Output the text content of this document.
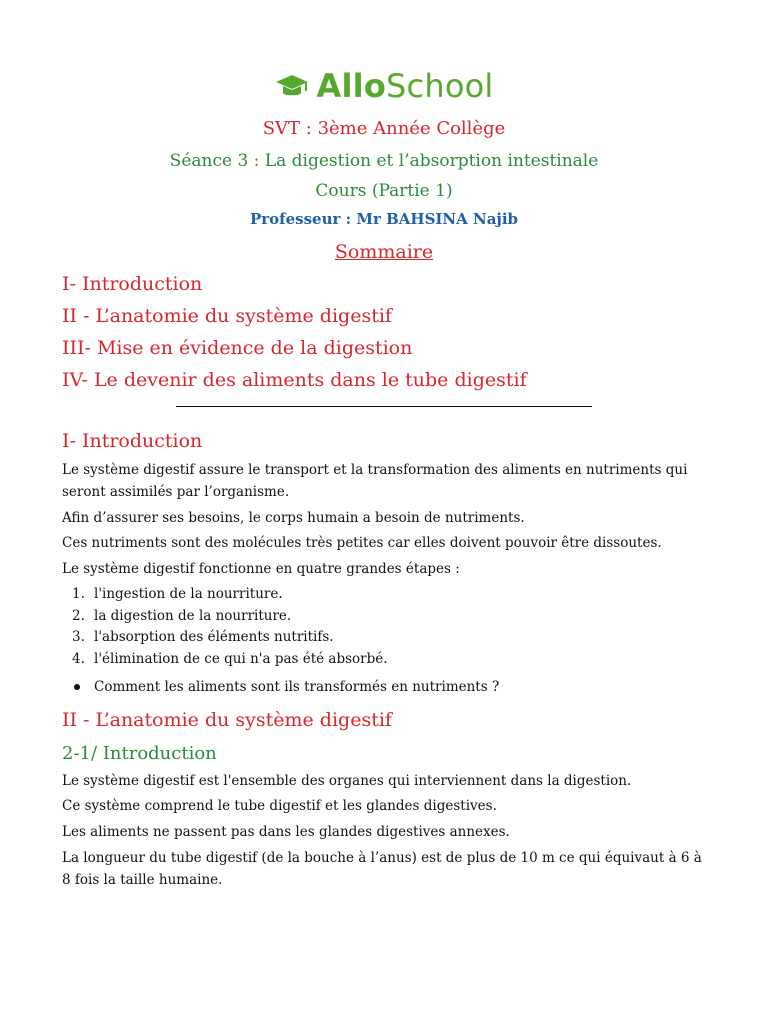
AlloSchool
SVT : 3ème Année Collège
Séance 3 : La digestion et l’absorption intestinale
Cours (Partie 1)
Professeur : Mr BAHSINA Najib
Sommaire
I- Introduction
II - L’anatomie du système digestif
III- Mise en évidence de la digestion
IV- Le devenir des aliments dans le tube digestif
I- Introduction
Le système digestif assure le transport et la transformation des aliments en nutriments qui seront assimilés par l’organisme.
Afin d’assurer ses besoins, le corps humain a besoin de nutriments.
Ces nutriments sont des molécules très petites car elles doivent pouvoir être dissoutes.
Le système digestif fonctionne en quatre grandes étapes :
1. l'ingestion de la nourriture.
2. la digestion de la nourriture.
3. l'absorption des éléments nutritifs.
4. l'élimination de ce qui n'a pas été absorbé.
Comment les aliments sont ils transformés en nutriments ?
II - L’anatomie du système digestif
2-1/ Introduction
Le système digestif est l'ensemble des organes qui interviennent dans la digestion.
Ce système comprend le tube digestif et les glandes digestives.
Les aliments ne passent pas dans les glandes digestives annexes.
La longueur du tube digestif (de la bouche à l’anus) est de plus de 10 m ce qui équivaut à 6 à 8 fois la taille humaine.
